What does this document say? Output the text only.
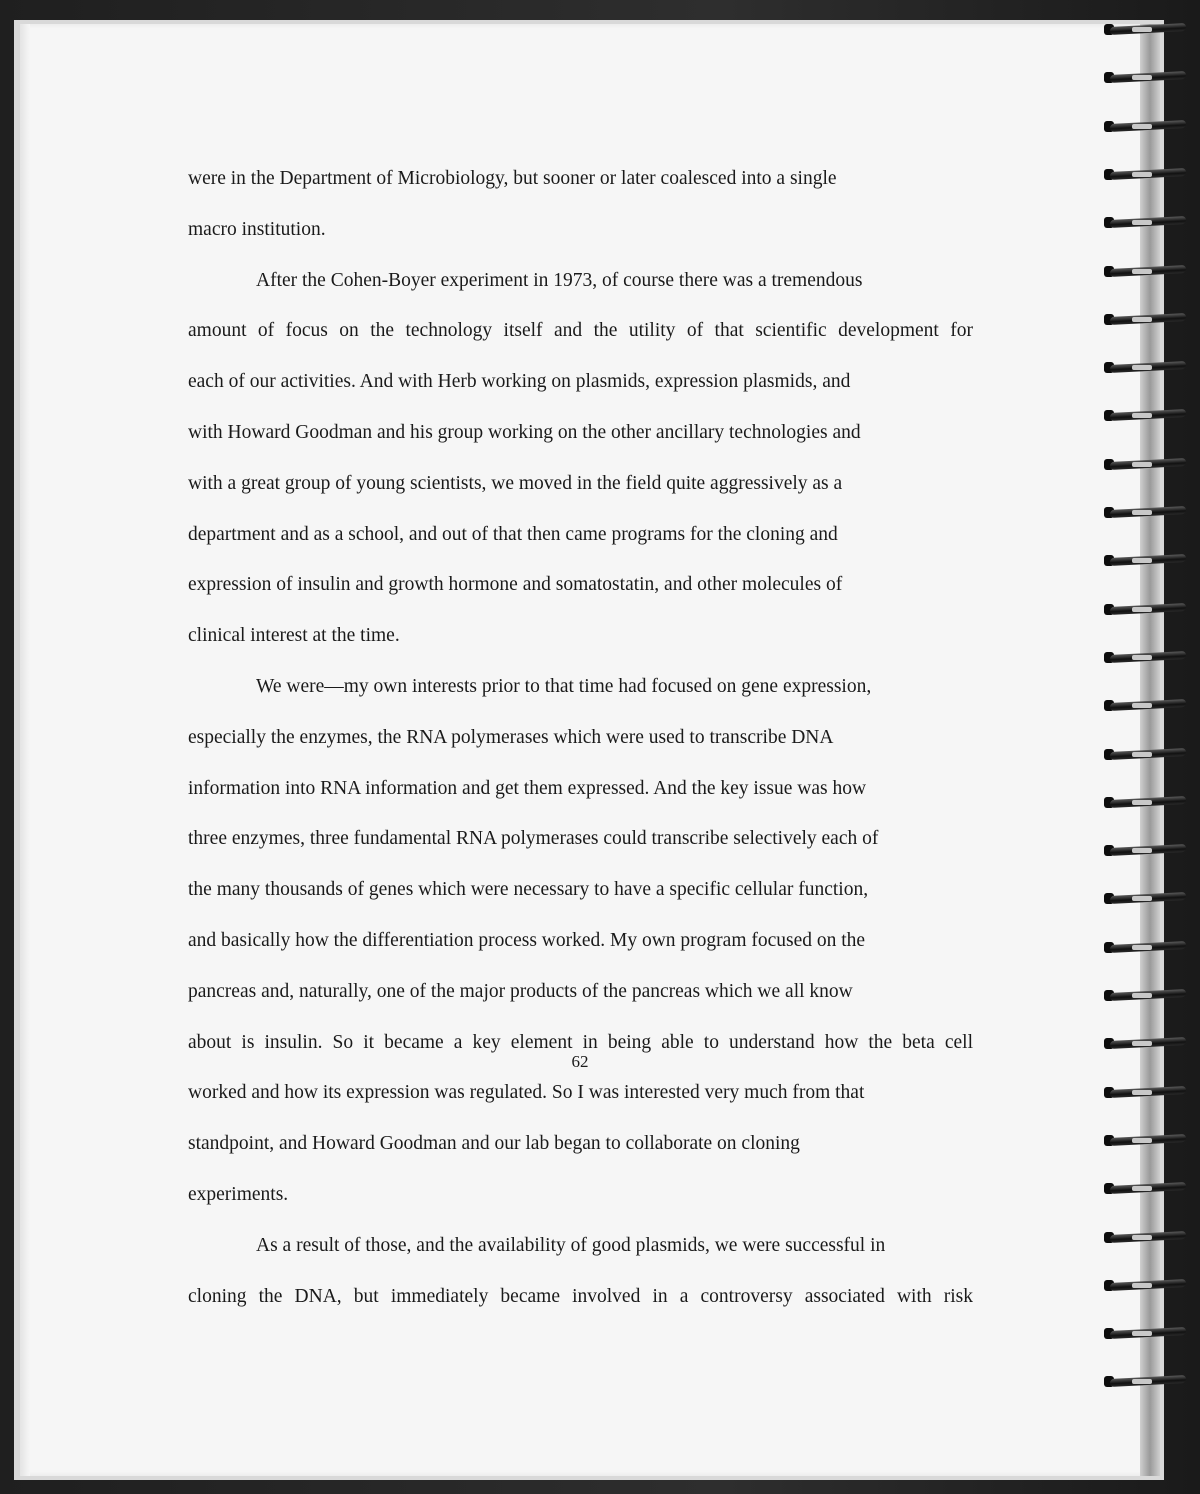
were in the Department of Microbiology, but sooner or later coalesced into a single
macro institution.
After the Cohen-Boyer experiment in 1973, of course there was a tremendous
amount of focus on the technology itself and the utility of that scientific development for
each of our activities. And with Herb working on plasmids, expression plasmids, and
with Howard Goodman and his group working on the other ancillary technologies and
with a great group of young scientists, we moved in the field quite aggressively as a
department and as a school, and out of that then came programs for the cloning and
expression of insulin and growth hormone and somatostatin, and other molecules of
clinical interest at the time.
We were—my own interests prior to that time had focused on gene expression,
especially the enzymes, the RNA polymerases which were used to transcribe DNA
information into RNA information and get them expressed. And the key issue was how
three enzymes, three fundamental RNA polymerases could transcribe selectively each of
the many thousands of genes which were necessary to have a specific cellular function,
and basically how the differentiation process worked. My own program focused on the
pancreas and, naturally, one of the major products of the pancreas which we all know
about is insulin. So it became a key element in being able to understand how the beta cell
worked and how its expression was regulated. So I was interested very much from that
standpoint, and Howard Goodman and our lab began to collaborate on cloning
experiments.
As a result of those, and the availability of good plasmids, we were successful in
cloning the DNA, but immediately became involved in a controversy associated with risk
62
